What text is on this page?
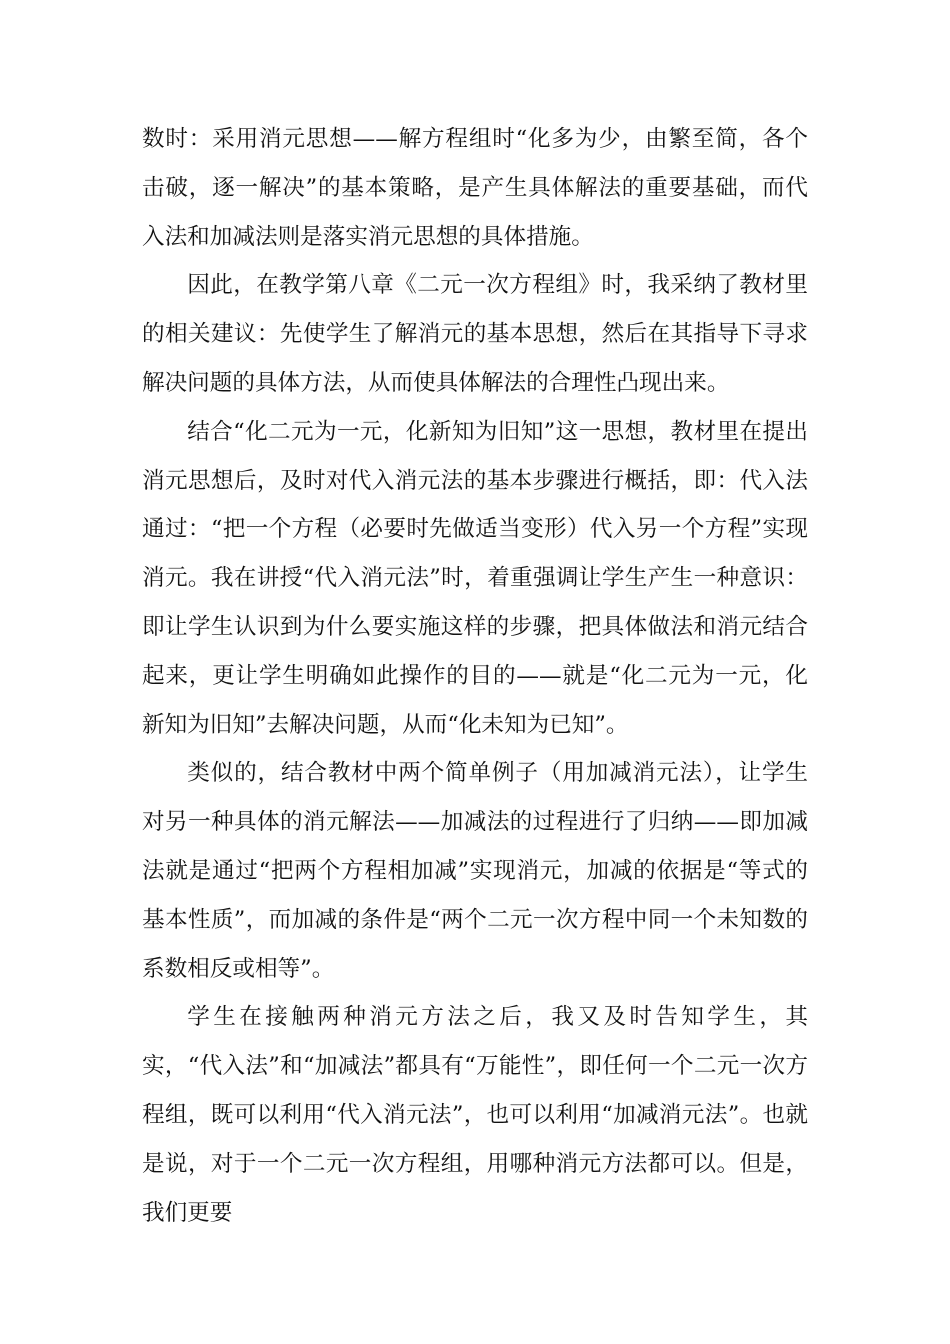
数时：采用消元思想——解方程组时“化多为少，由繁至简，各个击破，逐一解决”的基本策略，是产生具体解法的重要基础，而代入法和加减法则是落实消元思想的具体措施。

因此，在教学第八章《二元一次方程组》时，我采纳了教材里的相关建议：先使学生了解消元的基本思想，然后在其指导下寻求解决问题的具体方法，从而使具体解法的合理性凸现出来。

结合“化二元为一元，化新知为旧知”这一思想，教材里在提出消元思想后，及时对代入消元法的基本步骤进行概括，即：代入法通过：“把一个方程（必要时先做适当变形）代入另一个方程”实现消元。我在讲授“代入消元法”时，着重强调让学生产生一种意识：即让学生认识到为什么要实施这样的步骤，把具体做法和消元结合起来，更让学生明确如此操作的目的——就是“化二元为一元，化新知为旧知”去解决问题，从而“化未知为已知”。

类似的，结合教材中两个简单例子（用加减消元法），让学生对另一种具体的消元解法——加减法的过程进行了归纳——即加减法就是通过“把两个方程相加减”实现消元，加减的依据是“等式的基本性质”，而加减的条件是“两个二元一次方程中同一个未知数的系数相反或相等”。

学生在接触两种消元方法之后，我又及时告知学生，其实，“代入法”和“加减法”都具有“万能性”，即任何一个二元一次方程组，既可以利用“代入消元法”，也可以利用“加减消元法”。也就是说，对于一个二元一次方程组，用哪种消元方法都可以。但是，我们更要
